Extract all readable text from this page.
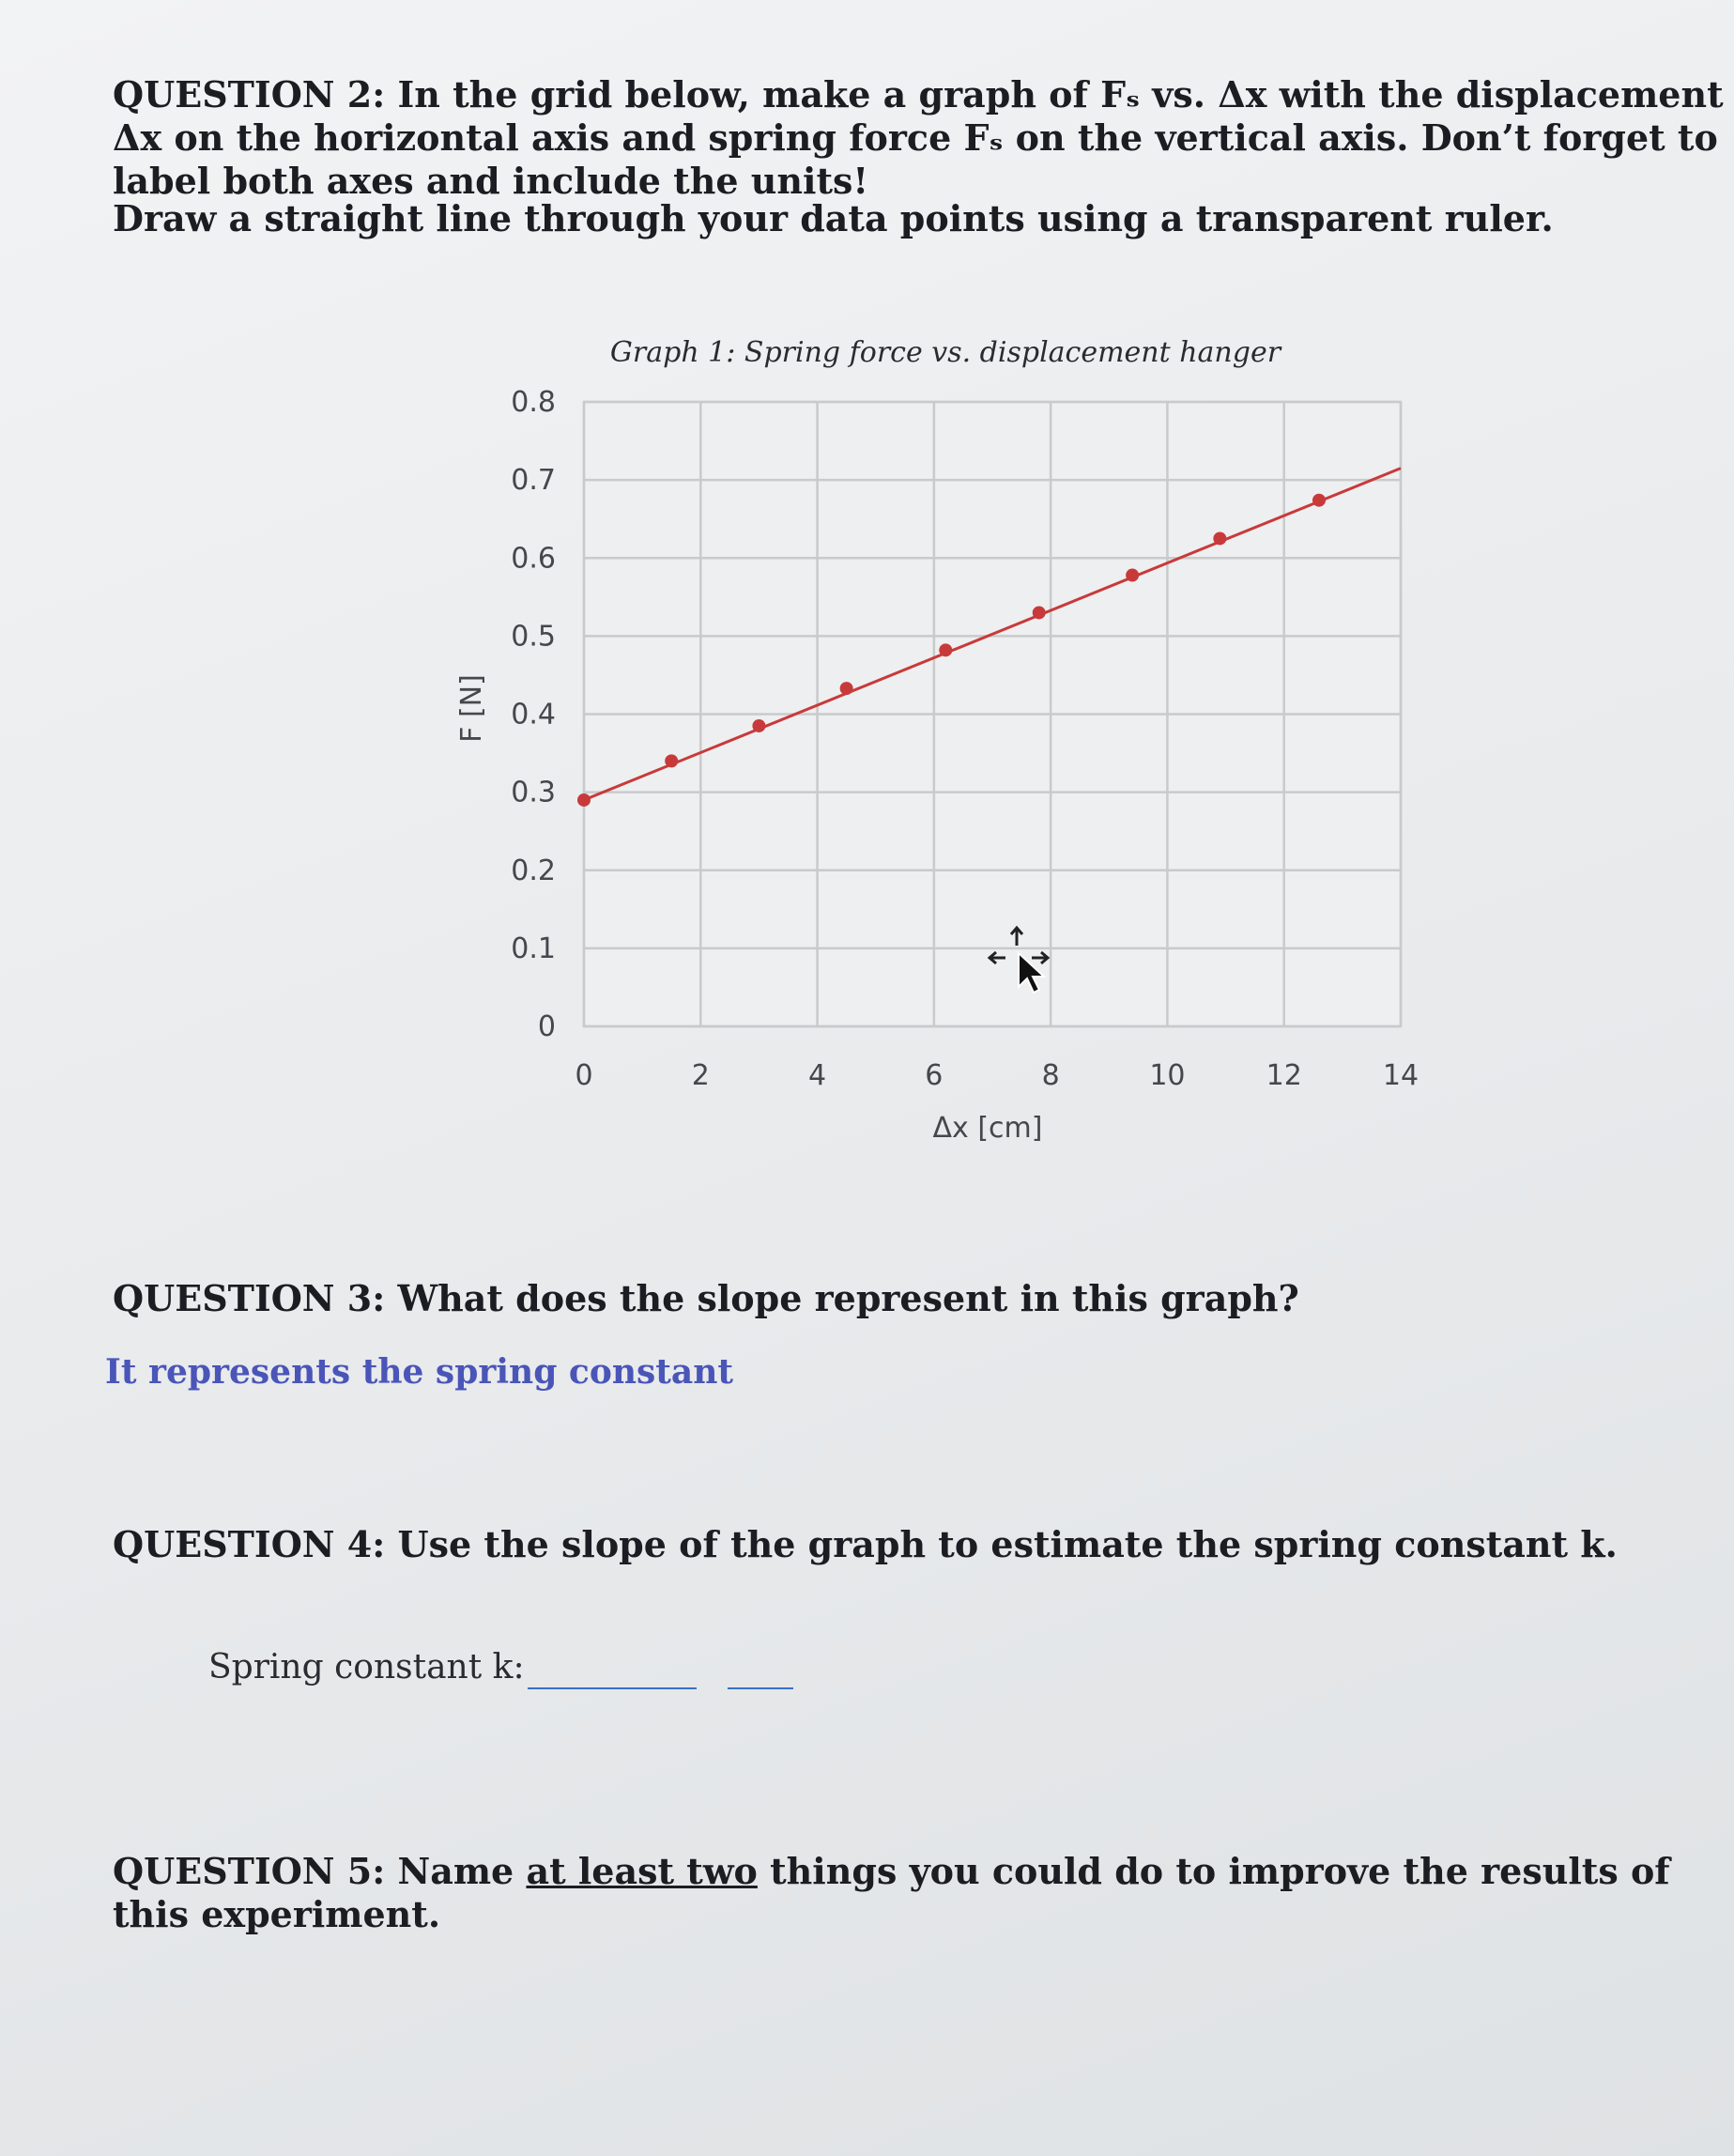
QUESTION 2: In the grid below, make a graph of Fₛ vs. Δx with the displacement Δx on the horizontal axis and spring force Fₛ on the vertical axis. Don’t forget to label both axes and include the units!

Draw a straight line through your data points using a transparent ruler.

0	2	4	6	8	10	12	14
0
0.1
0.2
0.3
0.4
0.5
0.6
0.7
0.8
Graph 1: Spring force vs. displacement hanger
Δx [cm]
F [N]

QUESTION 3: What does the slope represent in this graph?

It represents the spring constant

QUESTION 4: Use the slope of the graph to estimate the spring constant k.

Spring constant k:

QUESTION 5: Name at least two things you could do to improve the results of this experiment.
